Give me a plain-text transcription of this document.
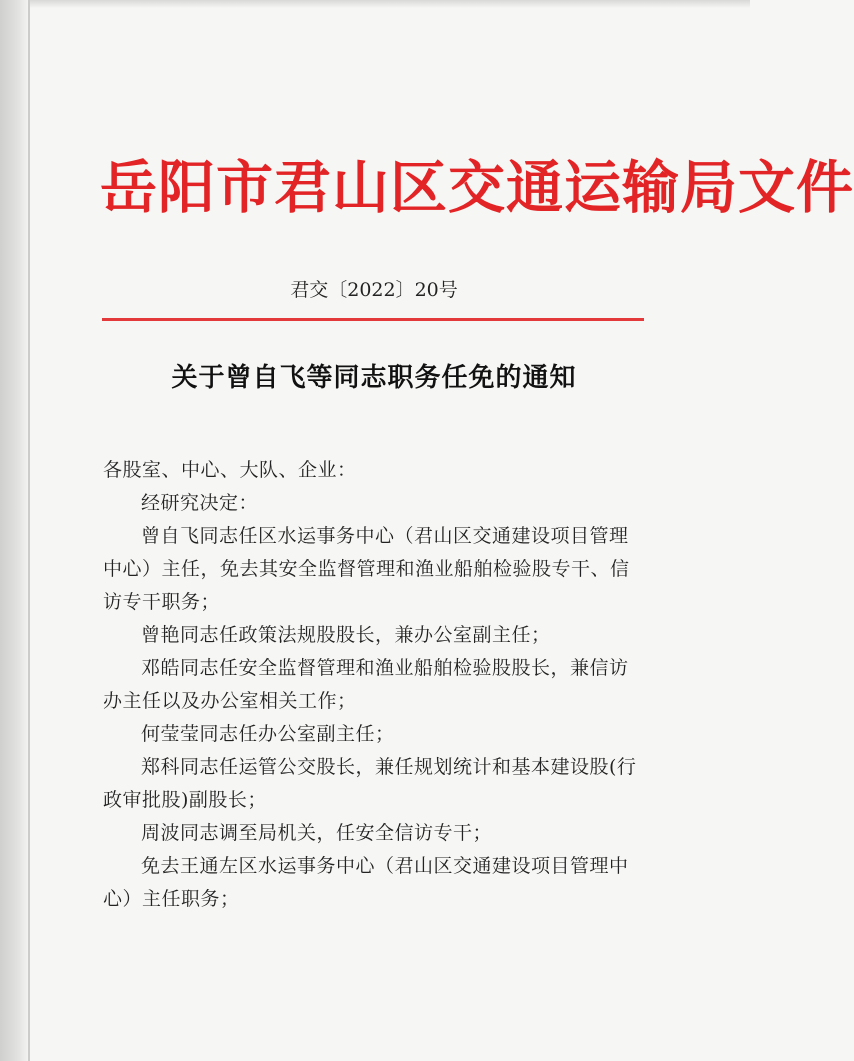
岳阳市君山区交通运输局文件
君交〔2022〕20号
关于曾自飞等同志职务任免的通知

各股室、中心、大队、企业：

经研究决定：

曾自飞同志任区水运事务中心（君山区交通建设项目管理中心）主任，免去其安全监督管理和渔业船舶检验股专干、信访专干职务；

曾艳同志任政策法规股股长，兼办公室副主任；

邓皓同志任安全监督管理和渔业船舶检验股股长，兼信访办主任以及办公室相关工作；

何莹莹同志任办公室副主任；

郑科同志任运管公交股长，兼任规划统计和基本建设股(行政审批股)副股长；

周波同志调至局机关，任安全信访专干；

免去王通左区水运事务中心（君山区交通建设项目管理中心）主任职务；
